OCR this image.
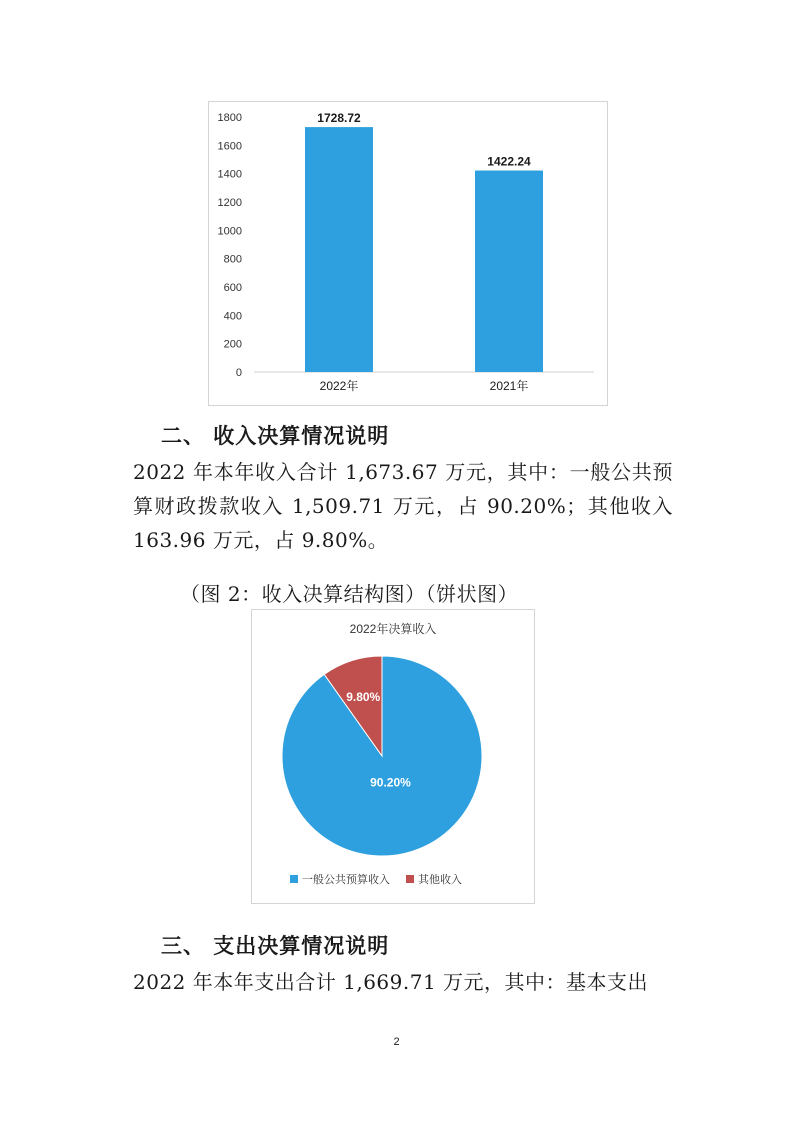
0
200
400
600
800
1000
1200
1400
1600
1800	1728.72
2022年
1422.24
2021年
二、 收入决算情况说明

2022 年本年收入合计 1,673.67 万元，其中：一般公共预算财政拨款收入 1,509.71 万元，占 90.20%；其他收入163.96 万元，占 9.80%。

（图 2：收入决算结构图）（饼状图）
2022年决算收入
90.20%
9.80%
一般公共预算收入	其他收入
三、 支出决算情况说明

2022 年本年支出合计 1,669.71 万元，其中：基本支出

2
